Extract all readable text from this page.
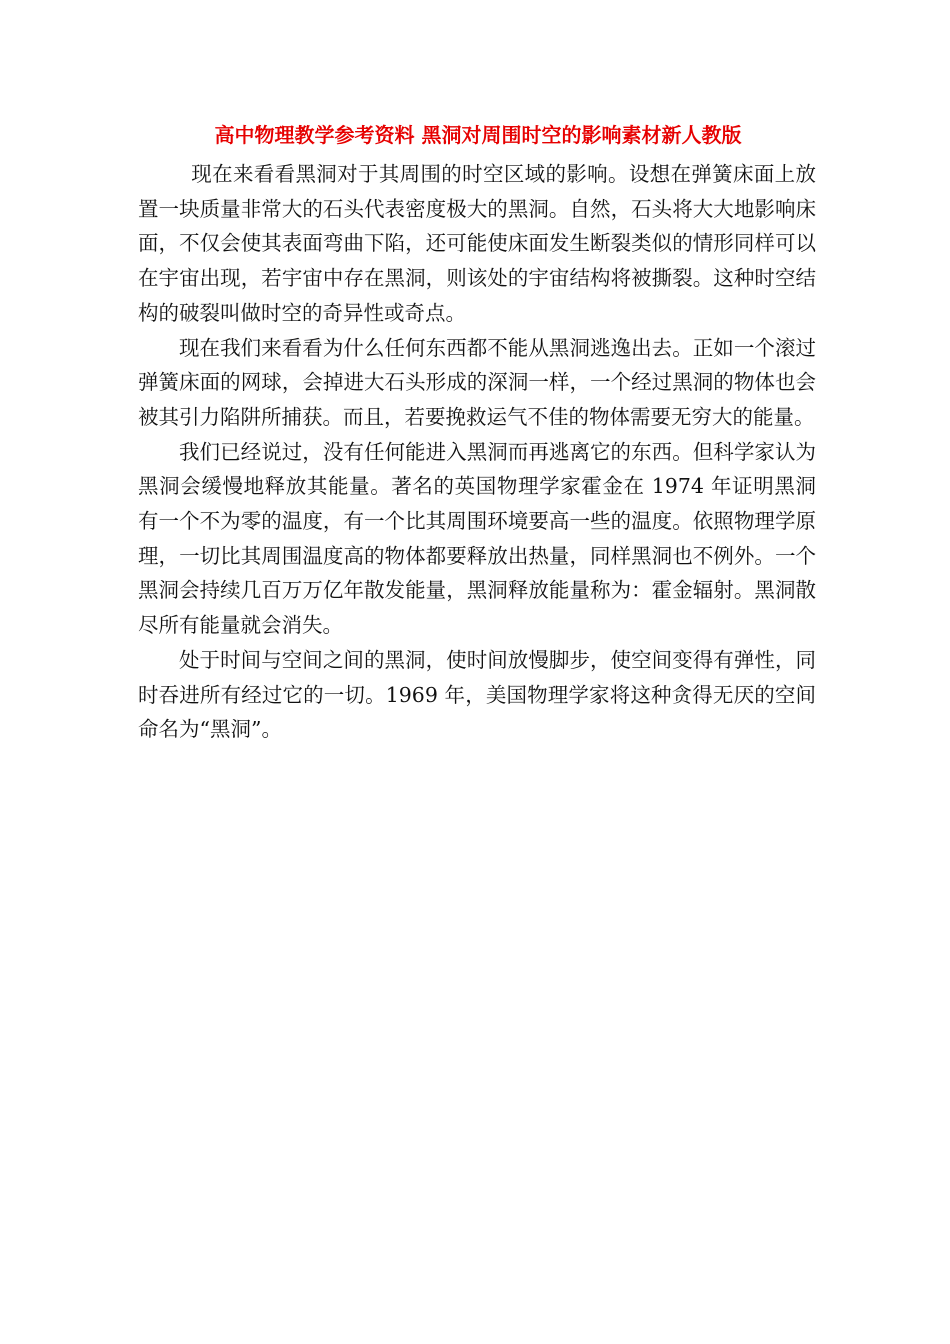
高中物理教学参考资料 黑洞对周围时空的影响素材新人教版

现在来看看黑洞对于其周围的时空区域的影响。设想在弹簧床面上放置一块质量非常大的石头代表密度极大的黑洞。自然，石头将大大地影响床面，不仅会使其表面弯曲下陷，还可能使床面发生断裂类似的情形同样可以在宇宙出现，若宇宙中存在黑洞，则该处的宇宙结构将被撕裂。这种时空结构的破裂叫做时空的奇异性或奇点。

现在我们来看看为什么任何东西都不能从黑洞逃逸出去。正如一个滚过弹簧床面的网球，会掉进大石头形成的深洞一样，一个经过黑洞的物体也会被其引力陷阱所捕获。而且，若要挽救运气不佳的物体需要无穷大的能量。

我们已经说过，没有任何能进入黑洞而再逃离它的东西。但科学家认为黑洞会缓慢地释放其能量。著名的英国物理学家霍金在 1974 年证明黑洞有一个不为零的温度，有一个比其周围环境要高一些的温度。依照物理学原理，一切比其周围温度高的物体都要释放出热量，同样黑洞也不例外。一个黑洞会持续几百万万亿年散发能量，黑洞释放能量称为：霍金辐射。黑洞散尽所有能量就会消失。

处于时间与空间之间的黑洞，使时间放慢脚步，使空间变得有弹性，同时吞进所有经过它的一切。1969 年，美国物理学家将这种贪得无厌的空间命名为“黑洞”。
